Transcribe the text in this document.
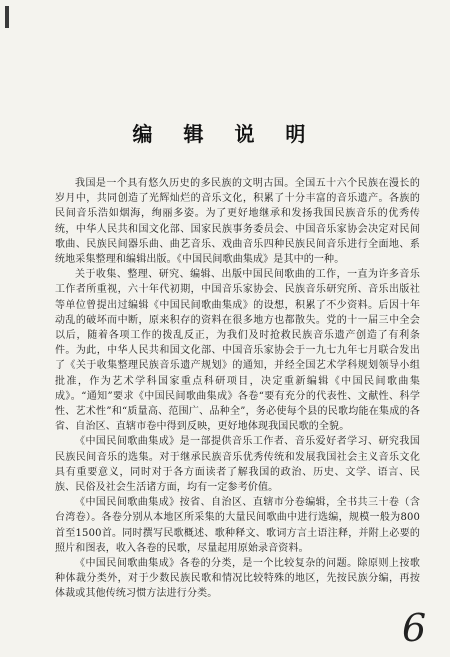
编 辑 说 明

我国是一个具有悠久历史的多民族的文明古国。全国五十六个民族在漫长的岁月中，共同创造了光辉灿烂的音乐文化，积累了十分丰富的音乐遗产。各族的民间音乐浩如烟海，绚丽多姿。为了更好地继承和发扬我国民族音乐的优秀传统，中华人民共和国文化部、国家民族事务委员会、中国音乐家协会决定对民间歌曲、民族民间器乐曲、曲艺音乐、戏曲音乐四种民族民间音乐进行全面地、系统地采集整理和编辑出版。《中国民间歌曲集成》是其中的一种。

关于收集、整理、研究、编辑、出版中国民间歌曲的工作，一直为许多音乐工作者所重视，六十年代初期，中国音乐家协会、民族音乐研究所、音乐出版社等单位曾提出过编辑《中国民间歌曲集成》的设想，积累了不少资料。后因十年动乱的破坏而中断，原来积存的资料在很多地方也都散失。党的十一届三中全会以后，随着各项工作的拨乱反正，为我们及时抢救民族音乐遗产创造了有利条件。为此，中华人民共和国文化部、中国音乐家协会于一九七九年七月联合发出了《关于收集整理民族音乐遗产规划》的通知，并经全国艺术学科规划领导小组批准，作为艺术学科国家重点科研项目，决定重新编辑《中国民间歌曲集成》。“通知”要求《中国民间歌曲集成》各卷“要有充分的代表性、文献性、科学性、艺术性”和“质量高、范围广、品种全”，务必使每个县的民歌均能在集成的各省、自治区、直辖市卷中得到反映，更好地体现我国民歌的全貌。

《中国民间歌曲集成》是一部提供音乐工作者、音乐爱好者学习、研究我国民族民间音乐的选集。对于继承民族音乐优秀传统和发展我国社会主义音乐文化具有重要意义，同时对于各方面读者了解我国的政治、历史、文学、语言、民族、民俗及社会生活诸方面，均有一定参考价值。

《中国民间歌曲集成》按省、自治区、直辖市分卷编辑，全书共三十卷（含台湾卷）。各卷分别从本地区所采集的大量民间歌曲中进行选编，规模一般为800首至1500首。同时撰写民歌概述、歌种释文、歌词方言土语注释，并附上必要的照片和图表，收入各卷的民歌，尽量起用原始录音资料。

《中国民间歌曲集成》各卷的分类，是一个比较复杂的问题。除原则上按歌种体裁分类外，对于少数民族民歌和情况比较特殊的地区，先按民族分编，再按体裁或其他传统习惯方法进行分类。

6
